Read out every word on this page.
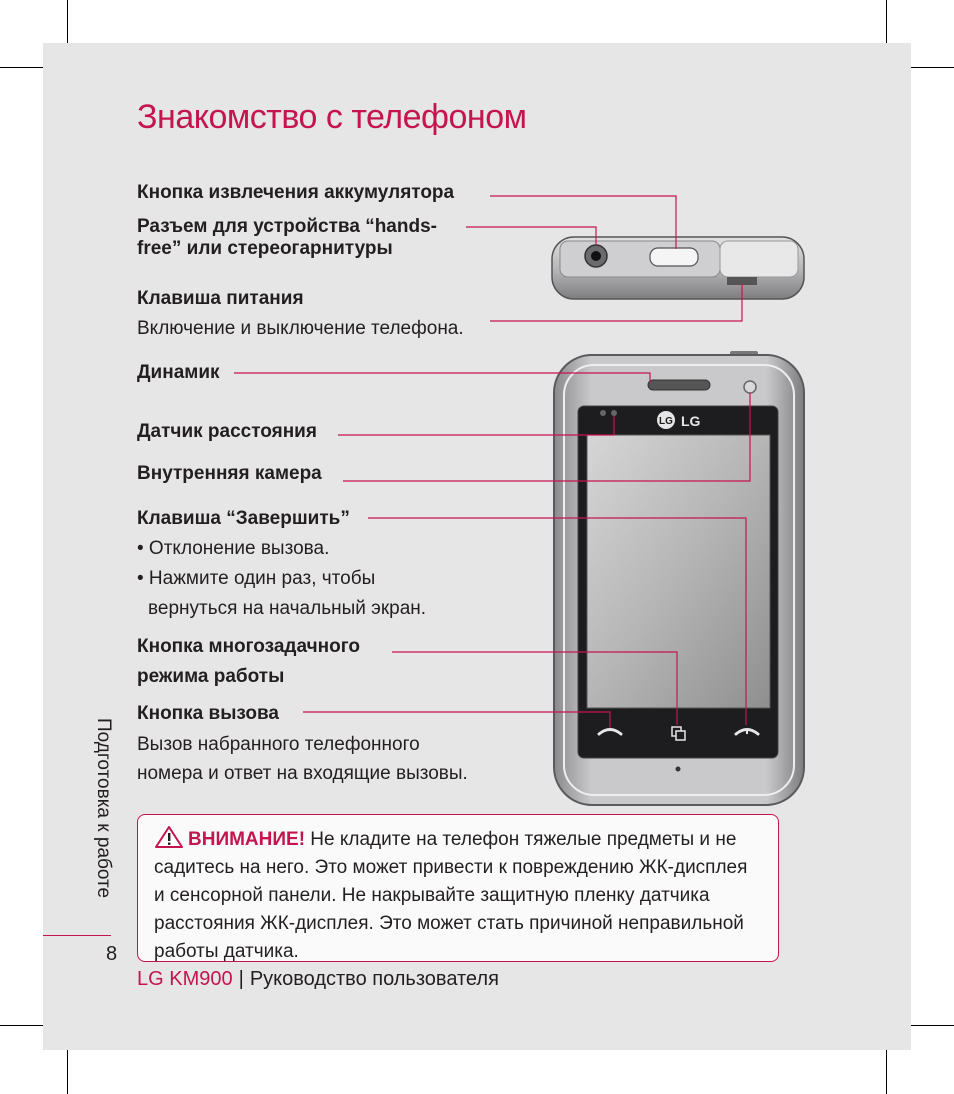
Знакомство с телефоном
LG LG
Кнопка извлечения аккумулятора
Разъем для устройства “hands-
free” или стереогарнитуры
Клавиша питания
Включение и выключение телефона.
Динамик
Датчик расстояния
Внутренняя камера
Клавиша “Завершить”
• Отклонение вызова.
• Нажмите один раз, чтобы
вернуться на начальный экран.
Кнопка многозадачного
режима работы
Кнопка вызова
Вызов набранного телефонного
номера и ответ на входящие вызовы.
ВНИМАНИЕ! Не кладите на телефон тяжелые предметы и не
садитесь на него. Это может привести к повреждению ЖК-дисплея
и сенсорной панели. Не накрывайте защитную пленку датчика
расстояния ЖК-дисплея. Это может стать причиной неправильной
работы датчика.
Подготовка к работе
8
LG KM900 | Руководство пользователя
